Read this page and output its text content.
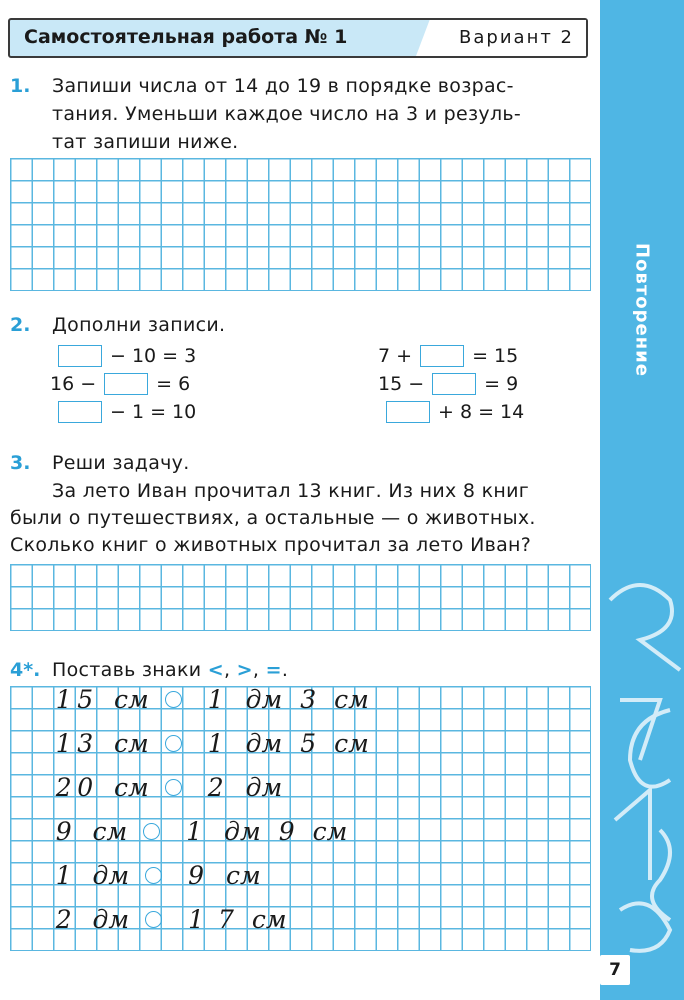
Повторение
7
Самостоятельная работа № 1	Вариант 2
1. Запиши числа от 14 до 19 в порядке возрас-
тания. Уменьши каждое число на 3 и резуль-
тат запиши ниже.
2. Дополни записи.
− 10 = 3
16 −	= 6
− 1 = 10
7 +	= 15
15 −	= 9
+ 8 = 14
3. Реши задачу.
За лето Иван прочитал 13 книг. Из них 8 книг
были о путешествиях, а остальные — о животных.
Сколько книг о животных прочитал за лето Иван?
4*. Поставь знаки <, >, =.
1 5 см 1 дм 3 см
1 3 см 1 дм 5 см
2 0 см 2 дм
9 см 1 дм 9 см
1 дм 9 см
2 дм 1 7 см
